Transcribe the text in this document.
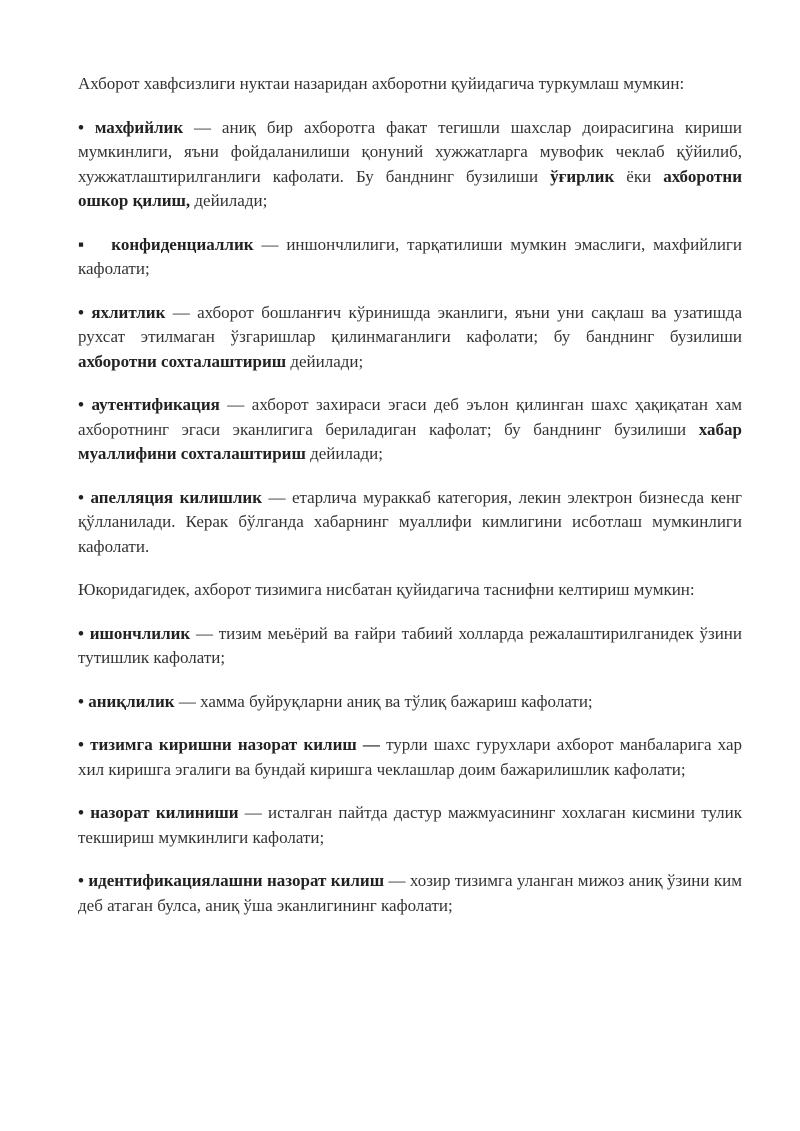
Ахборот хавфсизлиги нуктаи назаридан ахборотни қуйидагича туркумлаш мумкин:

• махфийлик — аниқ бир ахборотга факат тегишли шахслар доирасигина кириши мумкинлиги, яъни фойдаланилиши қонуний хужжатларга мувофик чеклаб қўйилиб, хужжатлаштирилганлиги кафолати. Бу банднинг бузилиши ўғирлик ёки ахборотни ошкор қилиш, дейилади;

▪ конфиденциаллик — иншончлилиги, тарқатилиши мумкин эмаслиги, махфийлиги кафолати;

• яхлитлик — ахборот бошланғич кўринишда эканлиги, яъни уни сақлаш ва узатишда рухсат этилмаган ўзгаришлар қилинмаганлиги кафолати; бу банднинг бузилиши ахборотни сохталаштириш дейилади;

• аутентификация — ахборот захираси эгаси деб эълон қилинган шахс ҳақиқатан хам ахборотнинг эгаси эканлигига бериладиган кафолат; бу банднинг бузилиши хабар муаллифини сохталаштириш дейилади;

• апелляция килишлик — етарлича мураккаб категория, лекин электрон бизнесда кенг қўлланилади. Керак бўлганда хабарнинг муаллифи кимлигини исботлаш мумкинлиги кафолати.

Юкоридагидек, ахборот тизимига нисбатан қуйидагича таснифни келтириш мумкин:

• ишончлилик — тизим меьёрий ва ғайри табиий холларда режалаштирилганидек ўзини тутишлик кафолати;

• аниқлилик — хамма буйруқларни аниқ ва тўлиқ бажариш кафолати;

• тизимга киришни назорат килиш — турли шахс гурухлари ахборот манбаларига хар хил киришга эгалиги ва бундай киришга чеклашлар доим бажарилишлик кафолати;

• назорат килиниши — исталган пайтда дастур мажмуасининг хохлаган кисмини тулик текшириш мумкинлиги кафолати;

• идентификациялашни назорат килиш — хозир тизимга уланган мижоз аниқ ўзини ким деб атаган булса, аниқ ўша эканлигининг кафолати;
